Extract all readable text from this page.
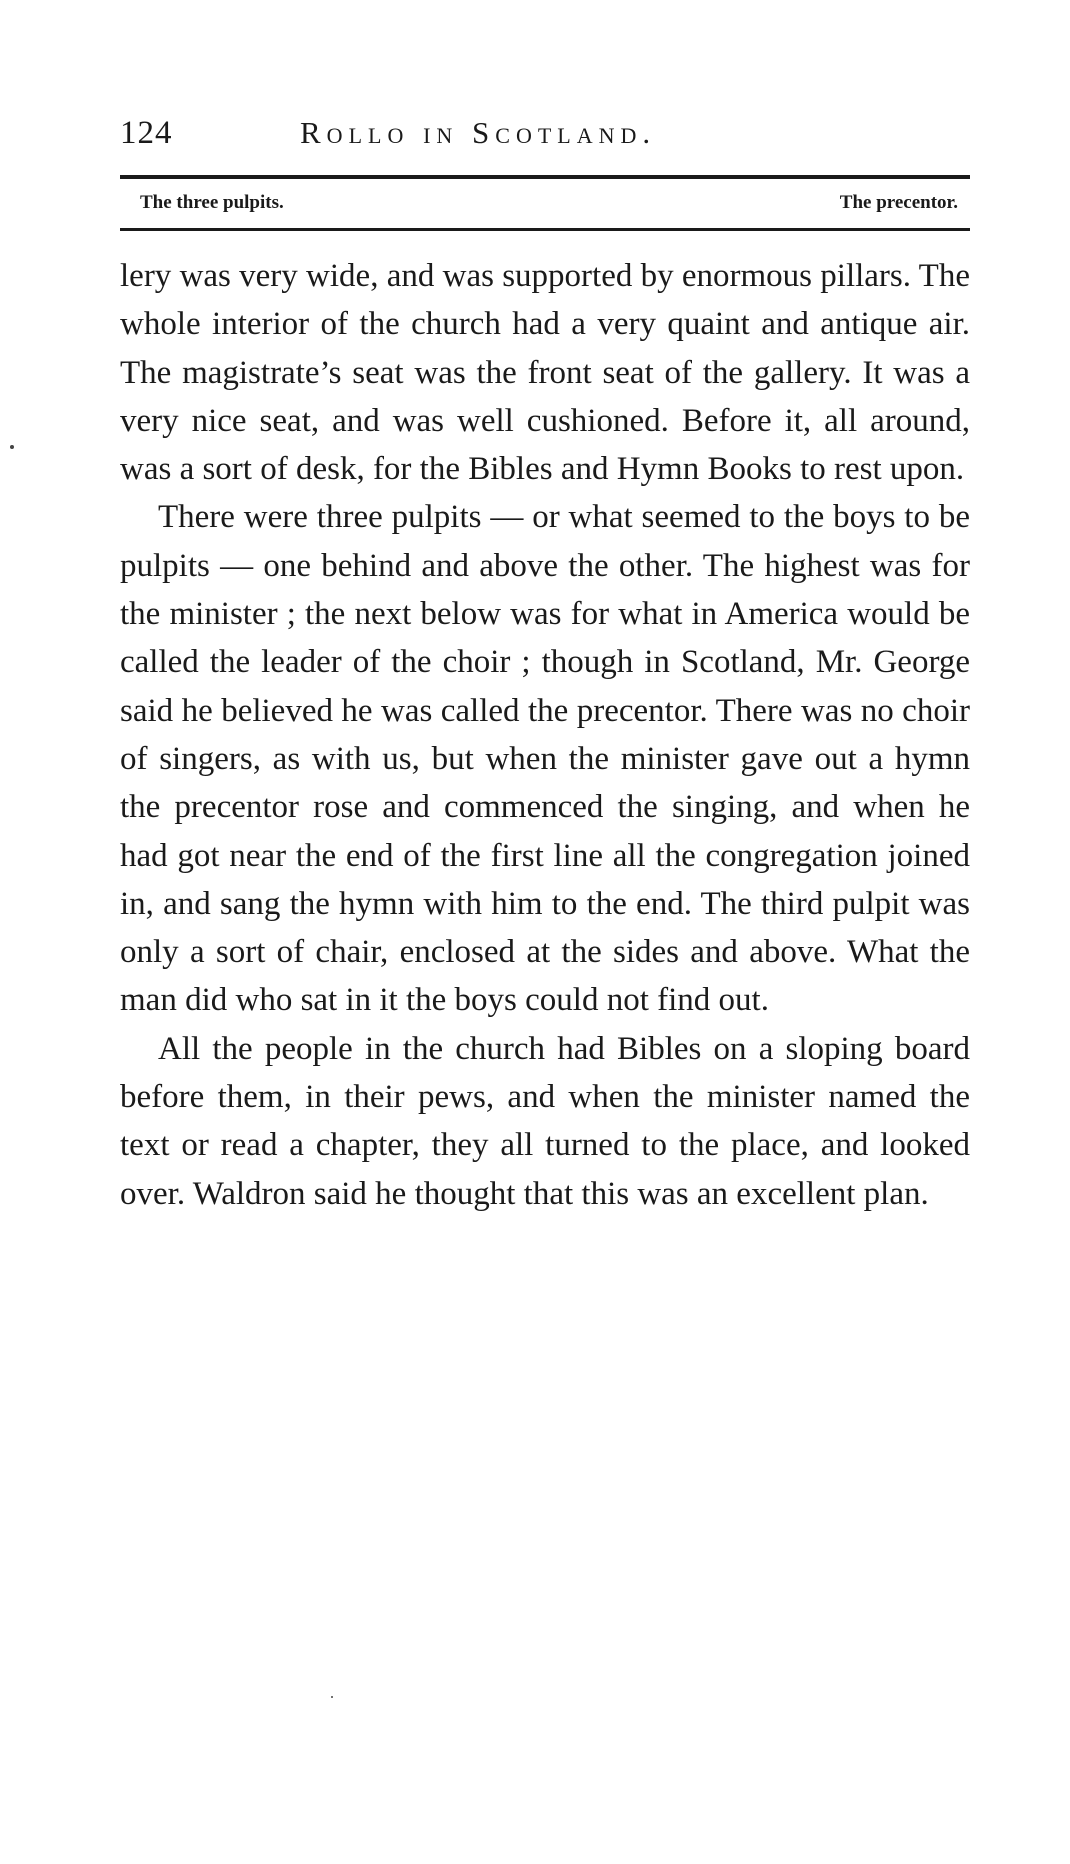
124	Rollo in Scotland.
The three pulpits.	The precentor.

lery was very wide, and was supported by enormous pillars. The whole interior of the church had a very quaint and antique air. The magistrate’s seat was the front seat of the gallery. It was a very nice seat, and was well cushioned. Before it, all around, was a sort of desk, for the Bibles and Hymn Books to rest upon.

There were three pulpits — or what seemed to the boys to be pulpits — one behind and above the other. The highest was for the minister ; the next below was for what in America would be called the leader of the choir ; though in Scotland, Mr. George said he believed he was called the precentor. There was no choir of singers, as with us, but when the minister gave out a hymn the precentor rose and commenced the singing, and when he had got near the end of the first line all the congregation joined in, and sang the hymn with him to the end. The third pulpit was only a sort of chair, enclosed at the sides and above. What the man did who sat in it the boys could not find out.

All the people in the church had Bibles on a sloping board before them, in their pews, and when the minister named the text or read a chapter, they all turned to the place, and looked over. Waldron said he thought that this was an excellent plan.
